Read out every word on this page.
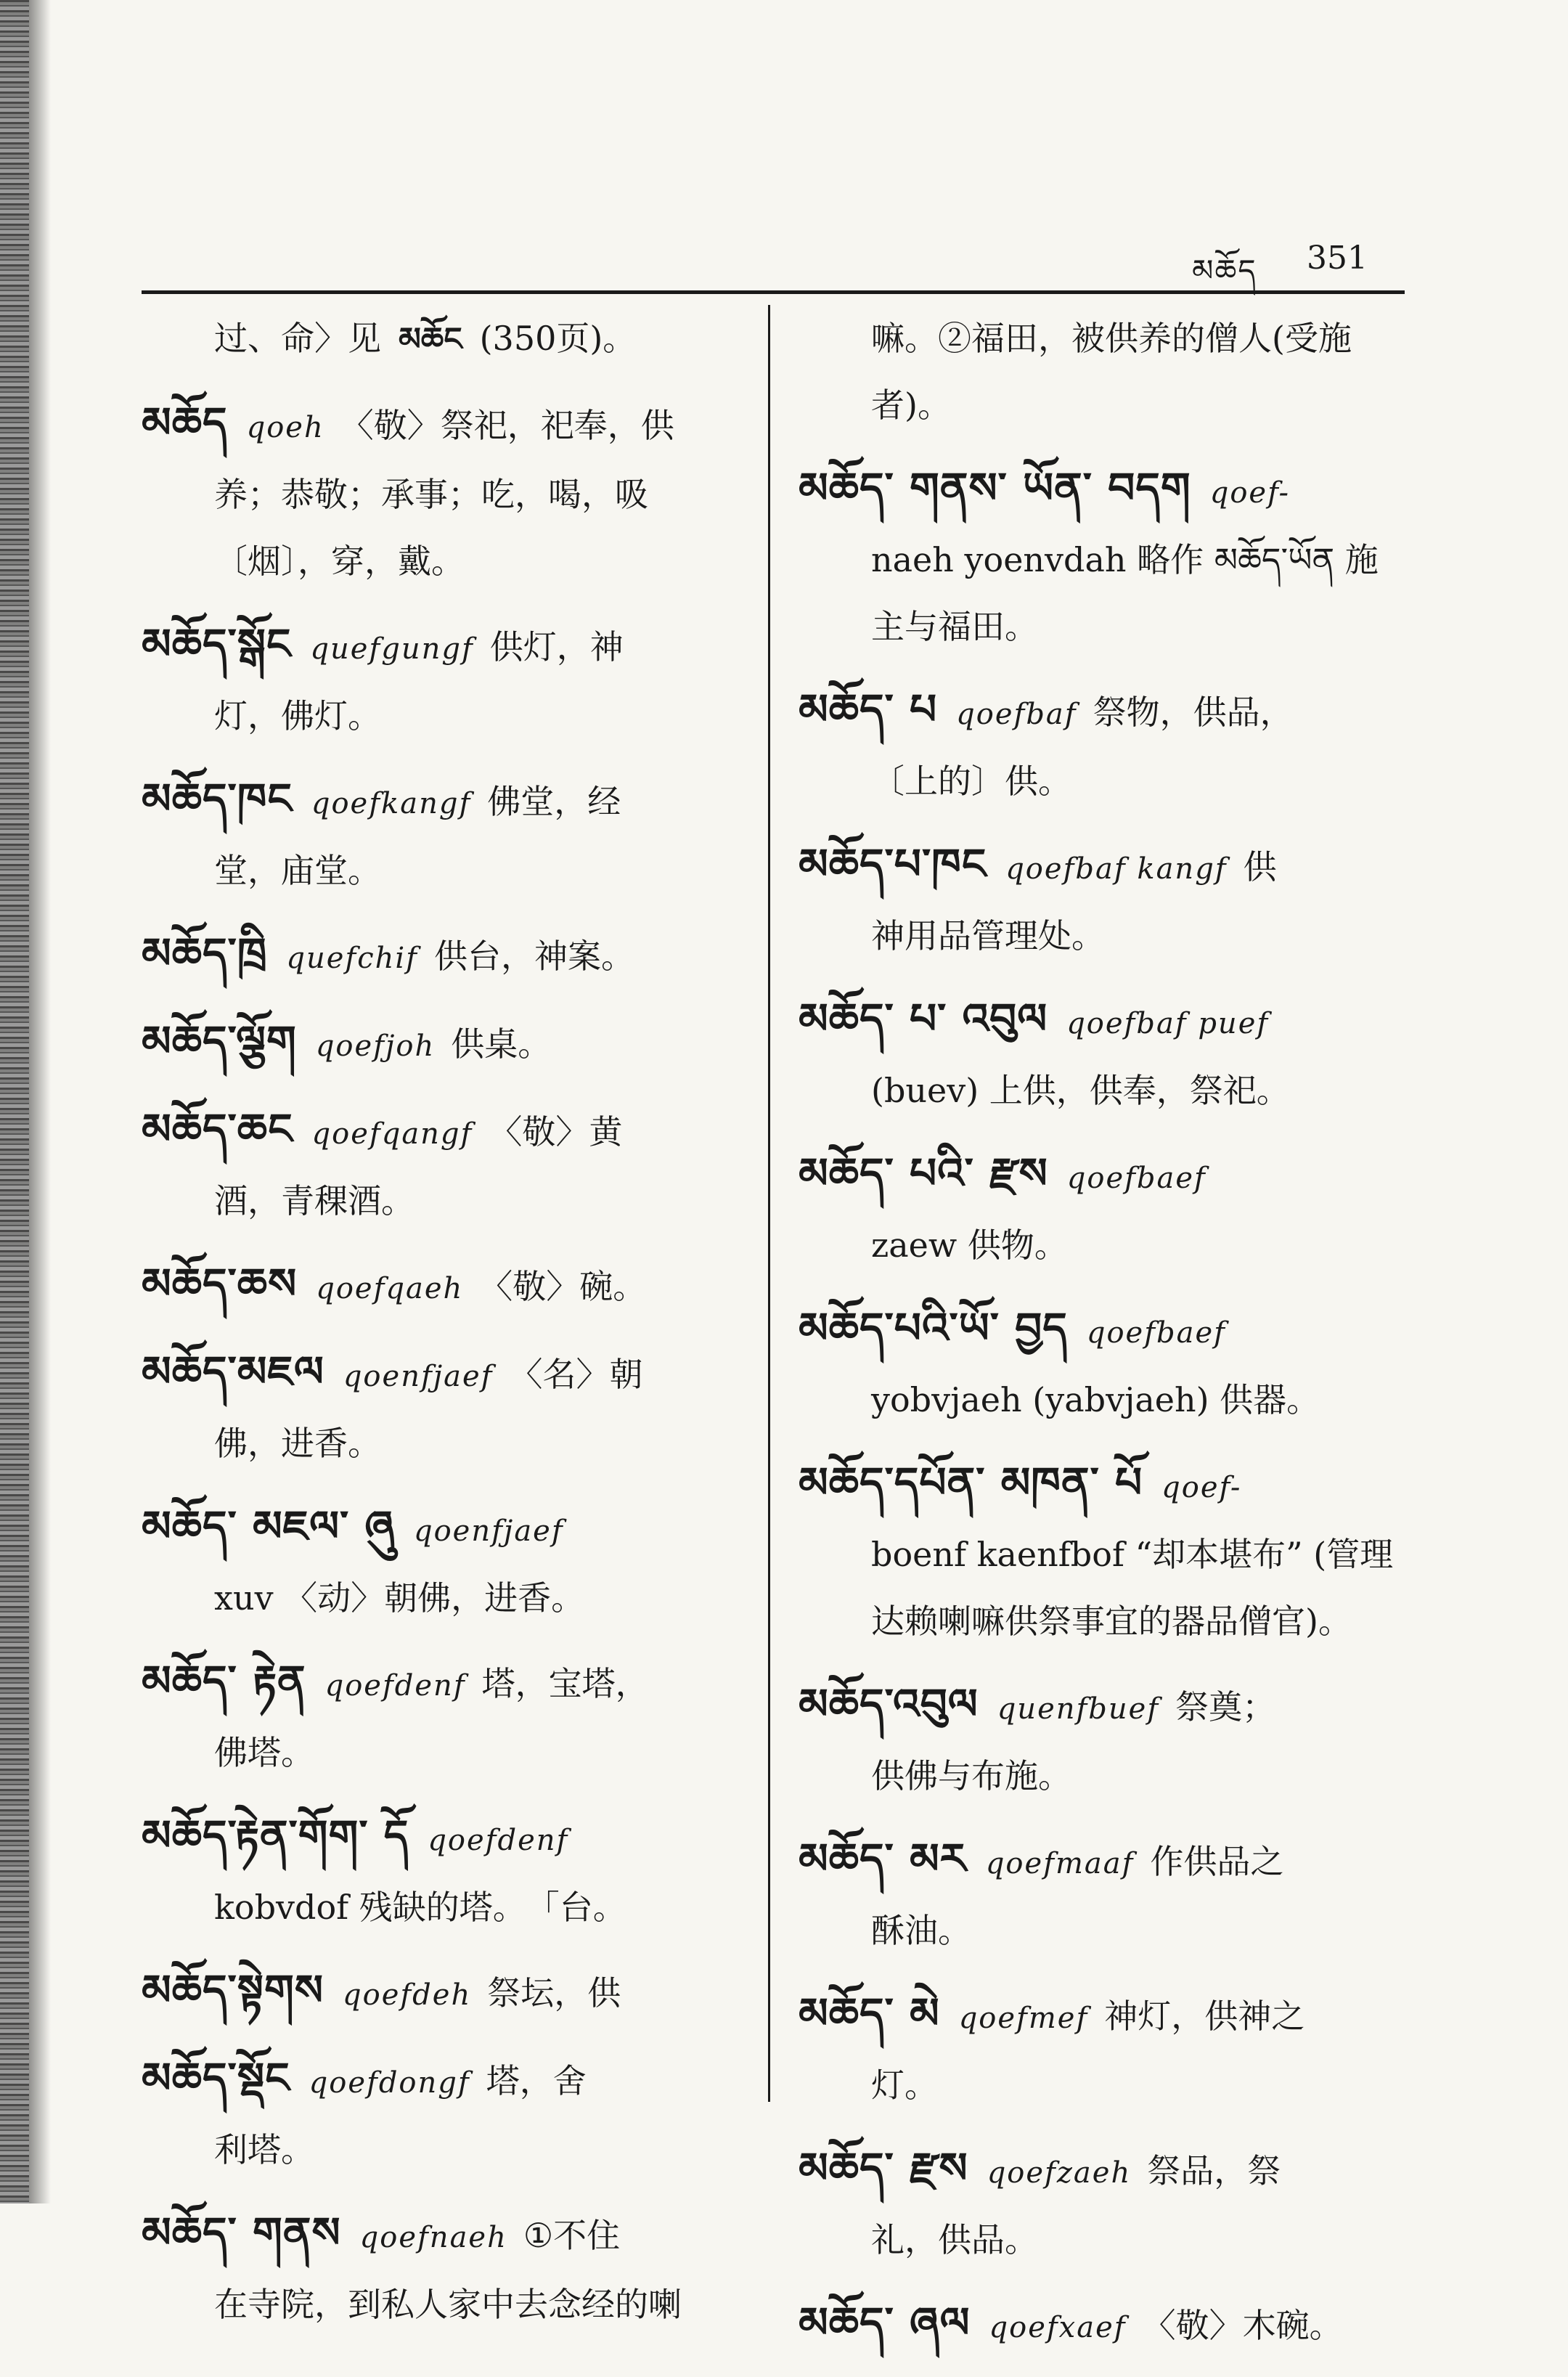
མཆོད 351
过、命〉见 མཆོང (350页)。
མཆོད qoeh 〈敬〉祭祀，祀奉，供
养；恭敬；承事；吃，喝，吸〔烟〕，穿，戴。
མཆོད་སྒོང quefgungf 供灯，神
灯，佛灯。
མཆོད་ཁང qoefkangf 佛堂，经
堂，庙堂。
མཆོད་ཁྲི quefchif 供台，神案。
མཆོད་ལྕོག qoefjoh 供桌。
མཆོད་ཆང qoefqangf 〈敬〉黄
酒，青稞酒。
མཆོད་ཆས qoefqaeh 〈敬〉碗。
མཆོད་མཇལ qoenfjaef 〈名〉朝
佛，进香。
མཆོད་ མཇལ་ ཞུ qoenfjaef
xuv 〈动〉朝佛，进香。
མཆོད་ རྟེན qoefdenf 塔，宝塔，
佛塔。
མཆོད་རྟེན་གོག་ དོ qoefdenf
kobvdof 残缺的塔。　「台。
མཆོད་སྟེགས qoefdeh 祭坛，供
མཆོད་སྡོང qoefdongf 塔，舍
利塔。
མཆོད་ གནས qoefnaeh ①不住
在寺院，到私人家中去念经的喇
嘛。②福田，被供养的僧人(受施者)。
མཆོད་ གནས་ ཡོན་ བདག qoef-
naeh yoenvdah 略作 མཆོད་ཡོན 施主与福田。
མཆོད་ པ qoefbaf 祭物，供品，
〔上的〕供。
མཆོད་པ་ཁང qoefbaf kangf 供
神用品管理处。
མཆོད་ པ་ འབུལ qoefbaf puef
(buev) 上供，供奉，祭祀。
མཆོད་ པའི་ རྫས qoefbaef
zaew 供物。
མཆོད་པའི་ཡོ་ བྱད qoefbaef
yobvjaeh (yabvjaeh) 供器。
མཆོད་དཔོན་ མཁན་ པོ qoef-
boenf kaenfbof “却本堪布” (管理达赖喇嘛供祭事宜的器品僧官)。
མཆོད་འབུལ quenfbuef 祭奠；
供佛与布施。
མཆོད་ མར qoefmaaf 作供品之
酥油。
མཆོད་ མེ qoefmef 神灯，供神之
灯。
མཆོད་ རྫས qoefzaeh 祭品，祭
礼，供品。
མཆོད་ ཞལ qoefxaef 〈敬〉木碗。
